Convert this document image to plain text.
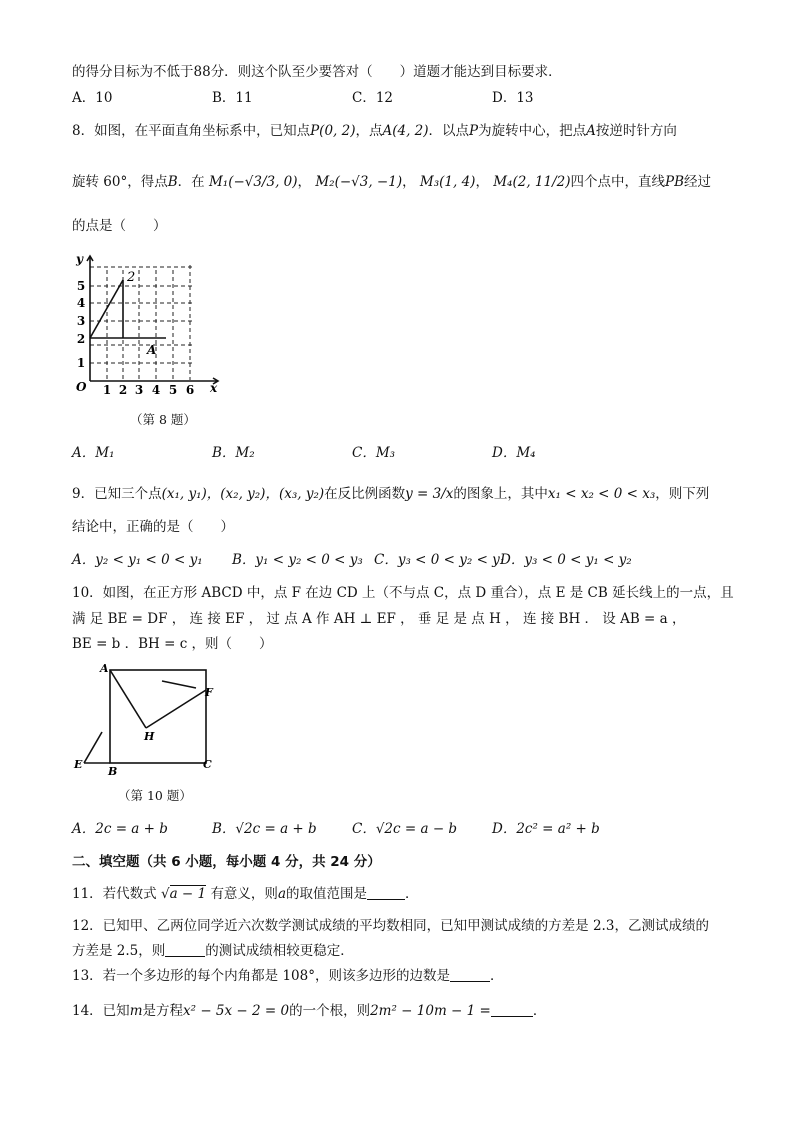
的得分目标为不低于88分．则这个队至少要答对（　　）道题才能达到目标要求．
A．10	B．11	C．12	D．13
8．如图，在平面直角坐标系中，已知点P(0, 2)，点A(4, 2)．以点P为旋转中心，把点A按逆时针方向
旋转 60°，得点B．在 M₁(−√3/3, 0)， M₂(−√3, −1)， M₃(1, 4)， M₄(2, 11/2)四个点中，直线PB经过
的点是（　　）
y
x
O
2
A
1 2 3 4 5 6
1
2
3
4
5
（第 8 题）
A．M₁	B．M₂	C．M₃	D．M₄
9．已知三个点(x₁, y₁)，(x₂, y₂)，(x₃, y₂)在反比例函数y = 3/x的图象上，其中x₁ < x₂ < 0 < x₃，则下列
结论中，正确的是（　　）
A．y₂ < y₁ < 0 < y₁ B．y₁ < y₂ < 0 < y₃ C．y₃ < 0 < y₂ < y₁
D．y₃ < 0 < y₁ < y₂
10．如图，在正方形 ABCD 中，点 F 在边 CD 上（不与点 C，点 D 重合），点 E 是 CB 延长线上的一点，且
满 足 BE = DF ， 连 接 EF ， 过 点 A 作 AH ⊥ EF ， 垂 足 是 点 H ， 连 接 BH ． 设 AB = a ，
BE = b ．BH = c ，则（　　）
A
B
C
E
F
H
（第 10 题）
A．2c = a + b	B．√2c = a + b	C．√2c = a − b	D．2c² = a² + b
二、填空题（共 6 小题，每小题 4 分，共 24 分）
11．若代数式 √a − 1 有意义，则a的取值范围是	．
12．已知甲、乙两位同学近六次数学测试成绩的平均数相同，已知甲测试成绩的方差是 2.3，乙测试成绩的
方差是 2.5，则	的测试成绩相较更稳定．
13．若一个多边形的每个内角都是 108°，则该多边形的边数是	．
14．已知m是方程x² − 5x − 2 = 0的一个根，则2m² − 10m − 1 =	．
